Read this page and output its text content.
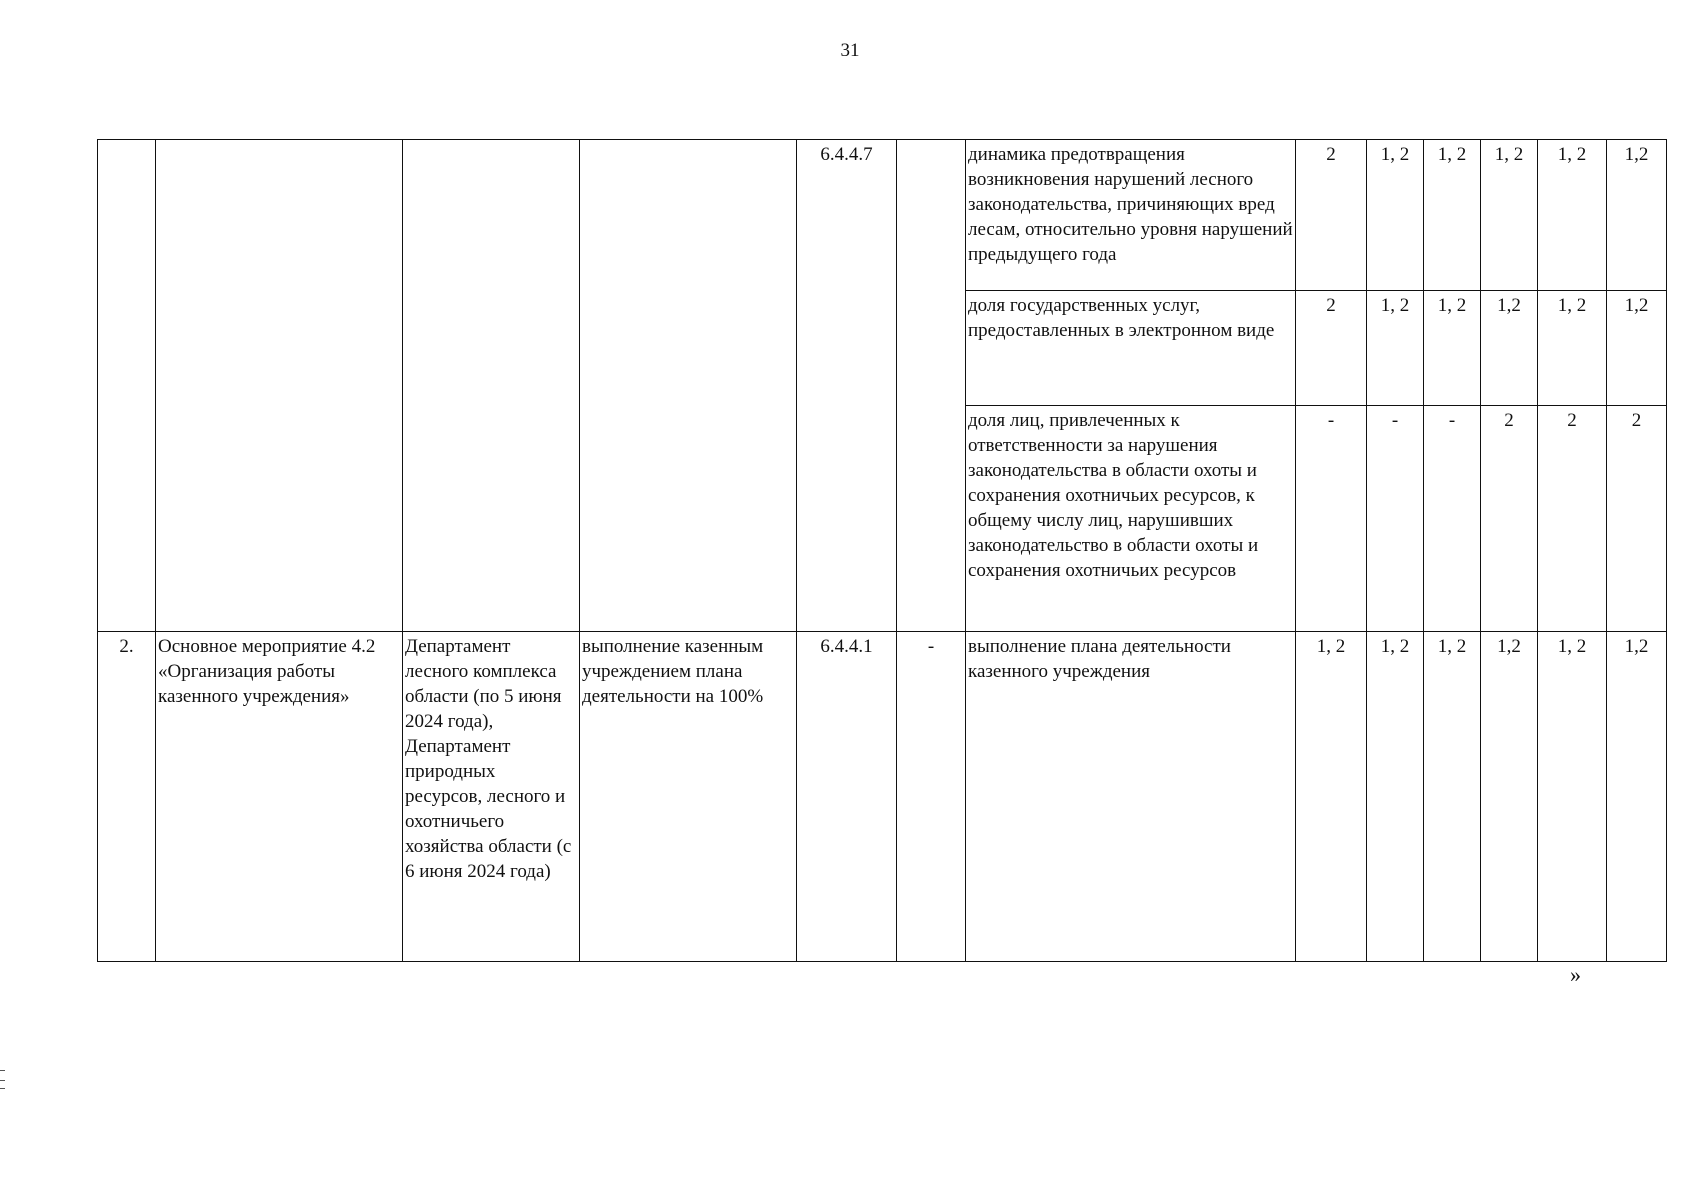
31
				6.4.4.7		динамика предотвращения возникновения нарушений лесного законодательства, причиняющих вред лесам, относительно уровня нарушений предыдущего года	2	1, 2	1, 2	1, 2	1, 2	1,2
						доля государственных услуг, предоставленных в электронном виде	2	1, 2	1, 2	1,2	1, 2	1,2
						доля лиц, привлеченных к ответственности за нарушения законодательства в области охоты и сохранения охотничьих ресурсов, к общему числу лиц, нарушивших законодательство в области охоты и сохранения охотничьих ресурсов	-	-	-	2	2	2
2.	Основное мероприятие 4.2 «Организация работы казенного учреждения»	Департамент лесного комплекса области (по 5 июня 2024 года), Департамент природных ресурсов, лесного и охотничьего хозяйства области (с 6 июня 2024 года)	выполнение казенным учреждением плана деятельности на 100%	6.4.4.1	-	выполнение плана деятельности казенного учреждения	1, 2	1, 2	1, 2	1,2	1, 2	1,2
»
